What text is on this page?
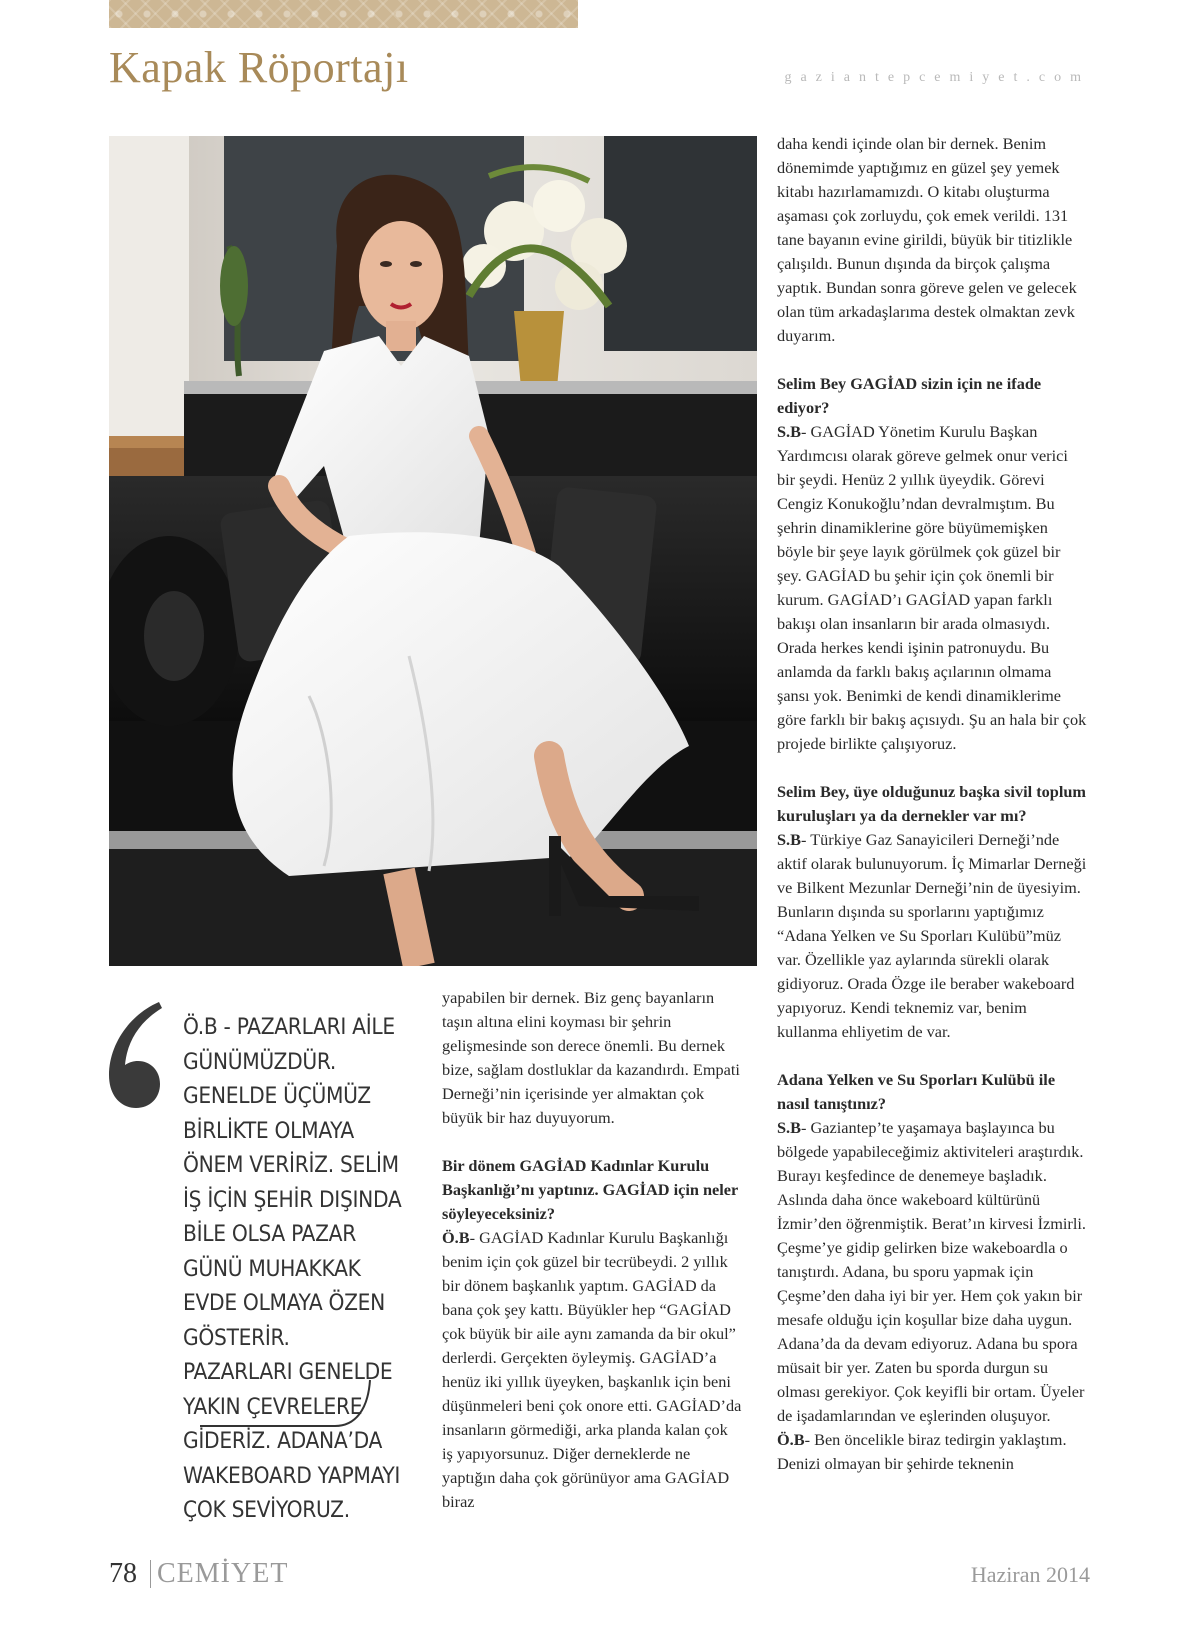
Kapak Röportajı	gaziantepcemiyet.com
Ö.B - PAZARLARI AİLE GÜNÜMÜZDÜR. GENELDE ÜÇÜMÜZ BİRLİKTE OLMAYA ÖNEM VERİRİZ. SELİM İŞ İÇİN ŞEHİR DIŞINDA BİLE OLSA PAZAR GÜNÜ MUHAKKAK EVDE OLMAYA ÖZEN GÖSTERİR. PAZARLARI GENELDE YAKIN ÇEVRELERE GİDERİZ. ADANA’DA WAKEBOARD YAPMAYI ÇOK SEVİYORUZ.

yapabilen bir dernek. Biz genç bayanların taşın altına elini koyması bir şehrin gelişmesinde son derece önemli. Bu dernek bize, sağlam dostluklar da kazandırdı. Empati Derneği’nin içerisinde yer almaktan çok büyük bir haz duyuyorum.

Bir dönem GAGİAD Kadınlar Kurulu Başkanlığı’nı yaptınız. GAGİAD için neler söyleyeceksiniz?

Ö.B- GAGİAD Kadınlar Kurulu Başkanlığı benim için çok güzel bir tecrübeydi. 2 yıllık bir dönem başkanlık yaptım. GAGİAD da bana çok şey kattı. Büyükler hep “GAGİAD çok büyük bir aile aynı zamanda da bir okul” derlerdi. Gerçekten öyleymiş. GAGİAD’a henüz iki yıllık üyeyken, başkanlık için beni düşünmeleri beni çok onore etti. GAGİAD’da insanların görmediği, arka planda kalan çok iş yapıyorsunuz. Diğer derneklerde ne yaptığın daha çok görünüyor ama GAGİAD biraz

daha kendi içinde olan bir dernek. Benim dönemimde yaptığımız en güzel şey yemek kitabı hazırlamamızdı. O kitabı oluşturma aşaması çok zorluydu, çok emek verildi. 131 tane bayanın evine girildi, büyük bir titizlikle çalışıldı. Bunun dışında da birçok çalışma yaptık. Bundan sonra göreve gelen ve gelecek olan tüm arkadaşlarıma destek olmaktan zevk duyarım.

Selim Bey GAGİAD sizin için ne ifade ediyor?

S.B- GAGİAD Yönetim Kurulu Başkan Yardımcısı olarak göreve gelmek onur verici bir şeydi. Henüz 2 yıllık üyeydik. Görevi Cengiz Konukoğlu’ndan devralmıştım. Bu şehrin dinamiklerine göre büyümemişken böyle bir şeye layık görülmek çok güzel bir şey. GAGİAD bu şehir için çok önemli bir kurum. GAGİAD’ı GAGİAD yapan farklı bakışı olan insanların bir arada olmasıydı. Orada herkes kendi işinin patronuydu. Bu anlamda da farklı bakış açılarının olmama şansı yok. Benimki de kendi dinamiklerime göre farklı bir bakış açısıydı. Şu an hala bir çok projede birlikte çalışıyoruz.

Selim Bey, üye olduğunuz başka sivil toplum kuruluşları ya da dernekler var mı?

S.B- Türkiye Gaz Sanayicileri Derneği’nde aktif olarak bulunuyorum. İç Mimarlar Derneği ve Bilkent Mezunlar Derneği’nin de üyesiyim. Bunların dışında su sporlarını yaptığımız “Adana Yelken ve Su Sporları Kulübü”müz var. Özellikle yaz aylarında sürekli olarak gidiyoruz. Orada Özge ile beraber wakeboard yapıyoruz. Kendi teknemiz var, benim kullanma ehliyetim de var.

Adana Yelken ve Su Sporları Kulübü ile nasıl tanıştınız?

S.B- Gaziantep’te yaşamaya başlayınca bu bölgede yapabileceğimiz aktiviteleri araştırdık. Burayı keşfedince de denemeye başladık. Aslında daha önce wakeboard kültürünü İzmir’den öğrenmiştik. Berat’ın kirvesi İzmirli. Çeşme’ye gidip gelirken bize wakeboardla o tanıştırdı. Adana, bu sporu yapmak için Çeşme’den daha iyi bir yer. Hem çok yakın bir mesafe olduğu için koşullar bize daha uygun. Adana’da da devam ediyoruz. Adana bu spora müsait bir yer. Zaten bu sporda durgun su olması gerekiyor. Çok keyifli bir ortam. Üyeler de işadamlarından ve eşlerinden oluşuyor.

Ö.B- Ben öncelikle biraz tedirgin yaklaştım. Denizi olmayan bir şehirde teknenin

78 CEMİYET	Haziran 2014
